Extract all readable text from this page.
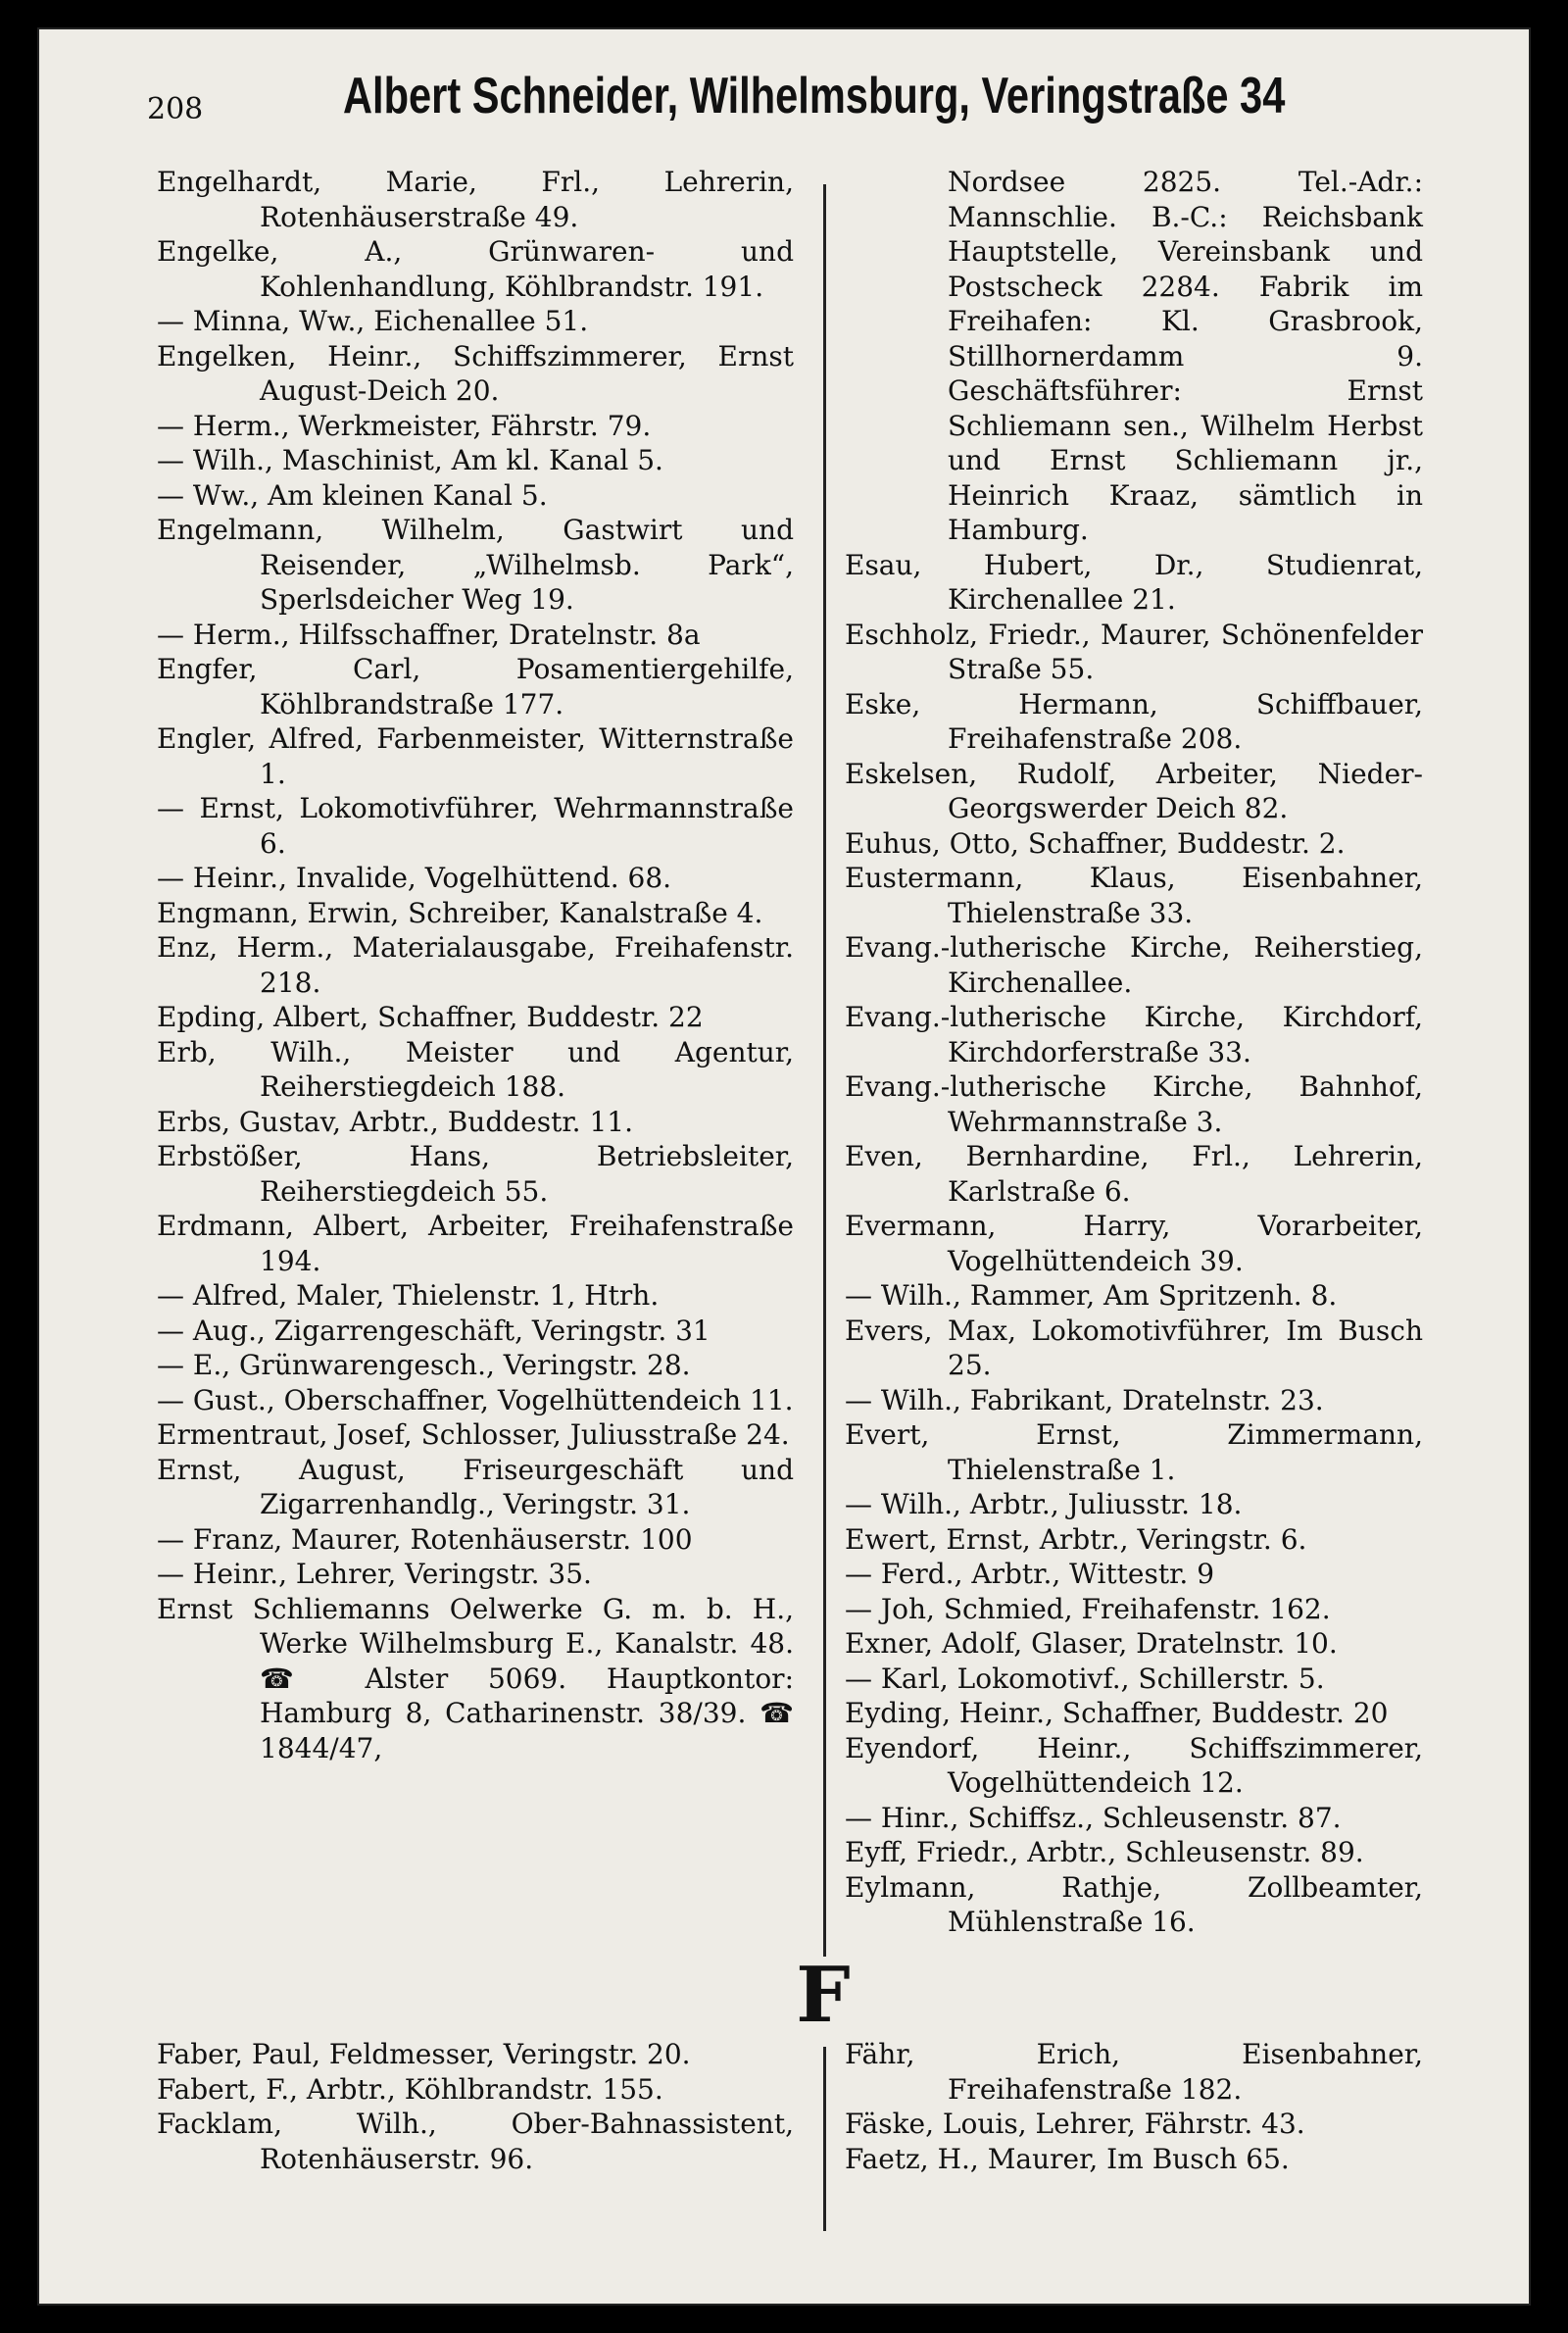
208	Albert Schneider, Wilhelmsburg, Veringstraße 34
Engelhardt, Marie, Frl., Lehrerin, Rotenhäuserstraße 49.
Engelke, A., Grünwaren- und Kohlenhandlung, Köhlbrandstr. 191.
— Minna, Ww., Eichenallee 51.
Engelken, Heinr., Schiffszimmerer, Ernst August-Deich 20.
— Herm., Werkmeister, Fährstr. 79.
— Wilh., Maschinist, Am kl. Kanal 5.
— Ww., Am kleinen Kanal 5.
Engelmann, Wilhelm, Gastwirt und Reisender, „Wilhelmsb. Park“, Sperlsdeicher Weg 19.
— Herm., Hilfsschaffner, Dratelnstr. 8a
Engfer, Carl, Posamentiergehilfe, Köhlbrandstraße 177.
Engler, Alfred, Farbenmeister, Witternstraße 1.
— Ernst, Lokomotivführer, Wehrmannstraße 6.
— Heinr., Invalide, Vogelhüttend. 68.
Engmann, Erwin, Schreiber, Kanalstraße 4.
Enz, Herm., Materialausgabe, Freihafenstr. 218.
Epding, Albert, Schaffner, Buddestr. 22
Erb, Wilh., Meister und Agentur, Reiherstiegdeich 188.
Erbs, Gustav, Arbtr., Buddestr. 11.
Erbstößer, Hans, Betriebsleiter, Reiherstiegdeich 55.
Erdmann, Albert, Arbeiter, Freihafenstraße 194.
— Alfred, Maler, Thielenstr. 1, Htrh.
— Aug., Zigarrengeschäft, Veringstr. 31
— E., Grünwarengesch., Veringstr. 28.
— Gust., Oberschaffner, Vogelhüttendeich 11.
Ermentraut, Josef, Schlosser, Juliusstraße 24.
Ernst, August, Friseurgeschäft und Zigarrenhandlg., Veringstr. 31.
— Franz, Maurer, Rotenhäuserstr. 100
— Heinr., Lehrer, Veringstr. 35.
Ernst Schliemanns Oelwerke G. m. b. H., Werke Wilhelmsburg E., Kanalstr. 48. ☎ Alster 5069. Hauptkontor: Hamburg 8, Catharinenstr. 38/39. ☎ 1844/47,
Nordsee 2825. Tel.-Adr.: Mannschlie. B.-C.: Reichsbank Hauptstelle, Vereinsbank und Postscheck 2284. Fabrik im Freihafen: Kl. Grasbrook, Stillhornerdamm 9. Geschäftsführer: Ernst Schliemann sen., Wilhelm Herbst und Ernst Schliemann jr., Heinrich Kraaz, sämtlich in Hamburg.
Esau, Hubert, Dr., Studienrat, Kirchenallee 21.
Eschholz, Friedr., Maurer, Schönenfelder Straße 55.
Eske, Hermann, Schiffbauer, Freihafenstraße 208.
Eskelsen, Rudolf, Arbeiter, Nieder-Georgswerder Deich 82.
Euhus, Otto, Schaffner, Buddestr. 2.
Eustermann, Klaus, Eisenbahner, Thielenstraße 33.
Evang.-lutherische Kirche, Reiherstieg, Kirchenallee.
Evang.-lutherische Kirche, Kirchdorf, Kirchdorferstraße 33.
Evang.-lutherische Kirche, Bahnhof, Wehrmannstraße 3.
Even, Bernhardine, Frl., Lehrerin, Karlstraße 6.
Evermann, Harry, Vorarbeiter, Vogelhüttendeich 39.
— Wilh., Rammer, Am Spritzenh. 8.
Evers, Max, Lokomotivführer, Im Busch 25.
— Wilh., Fabrikant, Dratelnstr. 23.
Evert, Ernst, Zimmermann, Thielenstraße 1.
— Wilh., Arbtr., Juliusstr. 18.
Ewert, Ernst, Arbtr., Veringstr. 6.
— Ferd., Arbtr., Wittestr. 9
— Joh, Schmied, Freihafenstr. 162.
Exner, Adolf, Glaser, Dratelnstr. 10.
— Karl, Lokomotivf., Schillerstr. 5.
Eyding, Heinr., Schaffner, Buddestr. 20
Eyendorf, Heinr., Schiffszimmerer, Vogelhüttendeich 12.
— Hinr., Schiffsz., Schleusenstr. 87.
Eyff, Friedr., Arbtr., Schleusenstr. 89.
Eylmann, Rathje, Zollbeamter, Mühlenstraße 16.
F
Faber, Paul, Feldmesser, Veringstr. 20.
Fabert, F., Arbtr., Köhlbrandstr. 155.
Facklam, Wilh., Ober-Bahnassistent, Rotenhäuserstr. 96.
Fähr, Erich, Eisenbahner, Freihafenstraße 182.
Fäske, Louis, Lehrer, Fährstr. 43.
Faetz, H., Maurer, Im Busch 65.
